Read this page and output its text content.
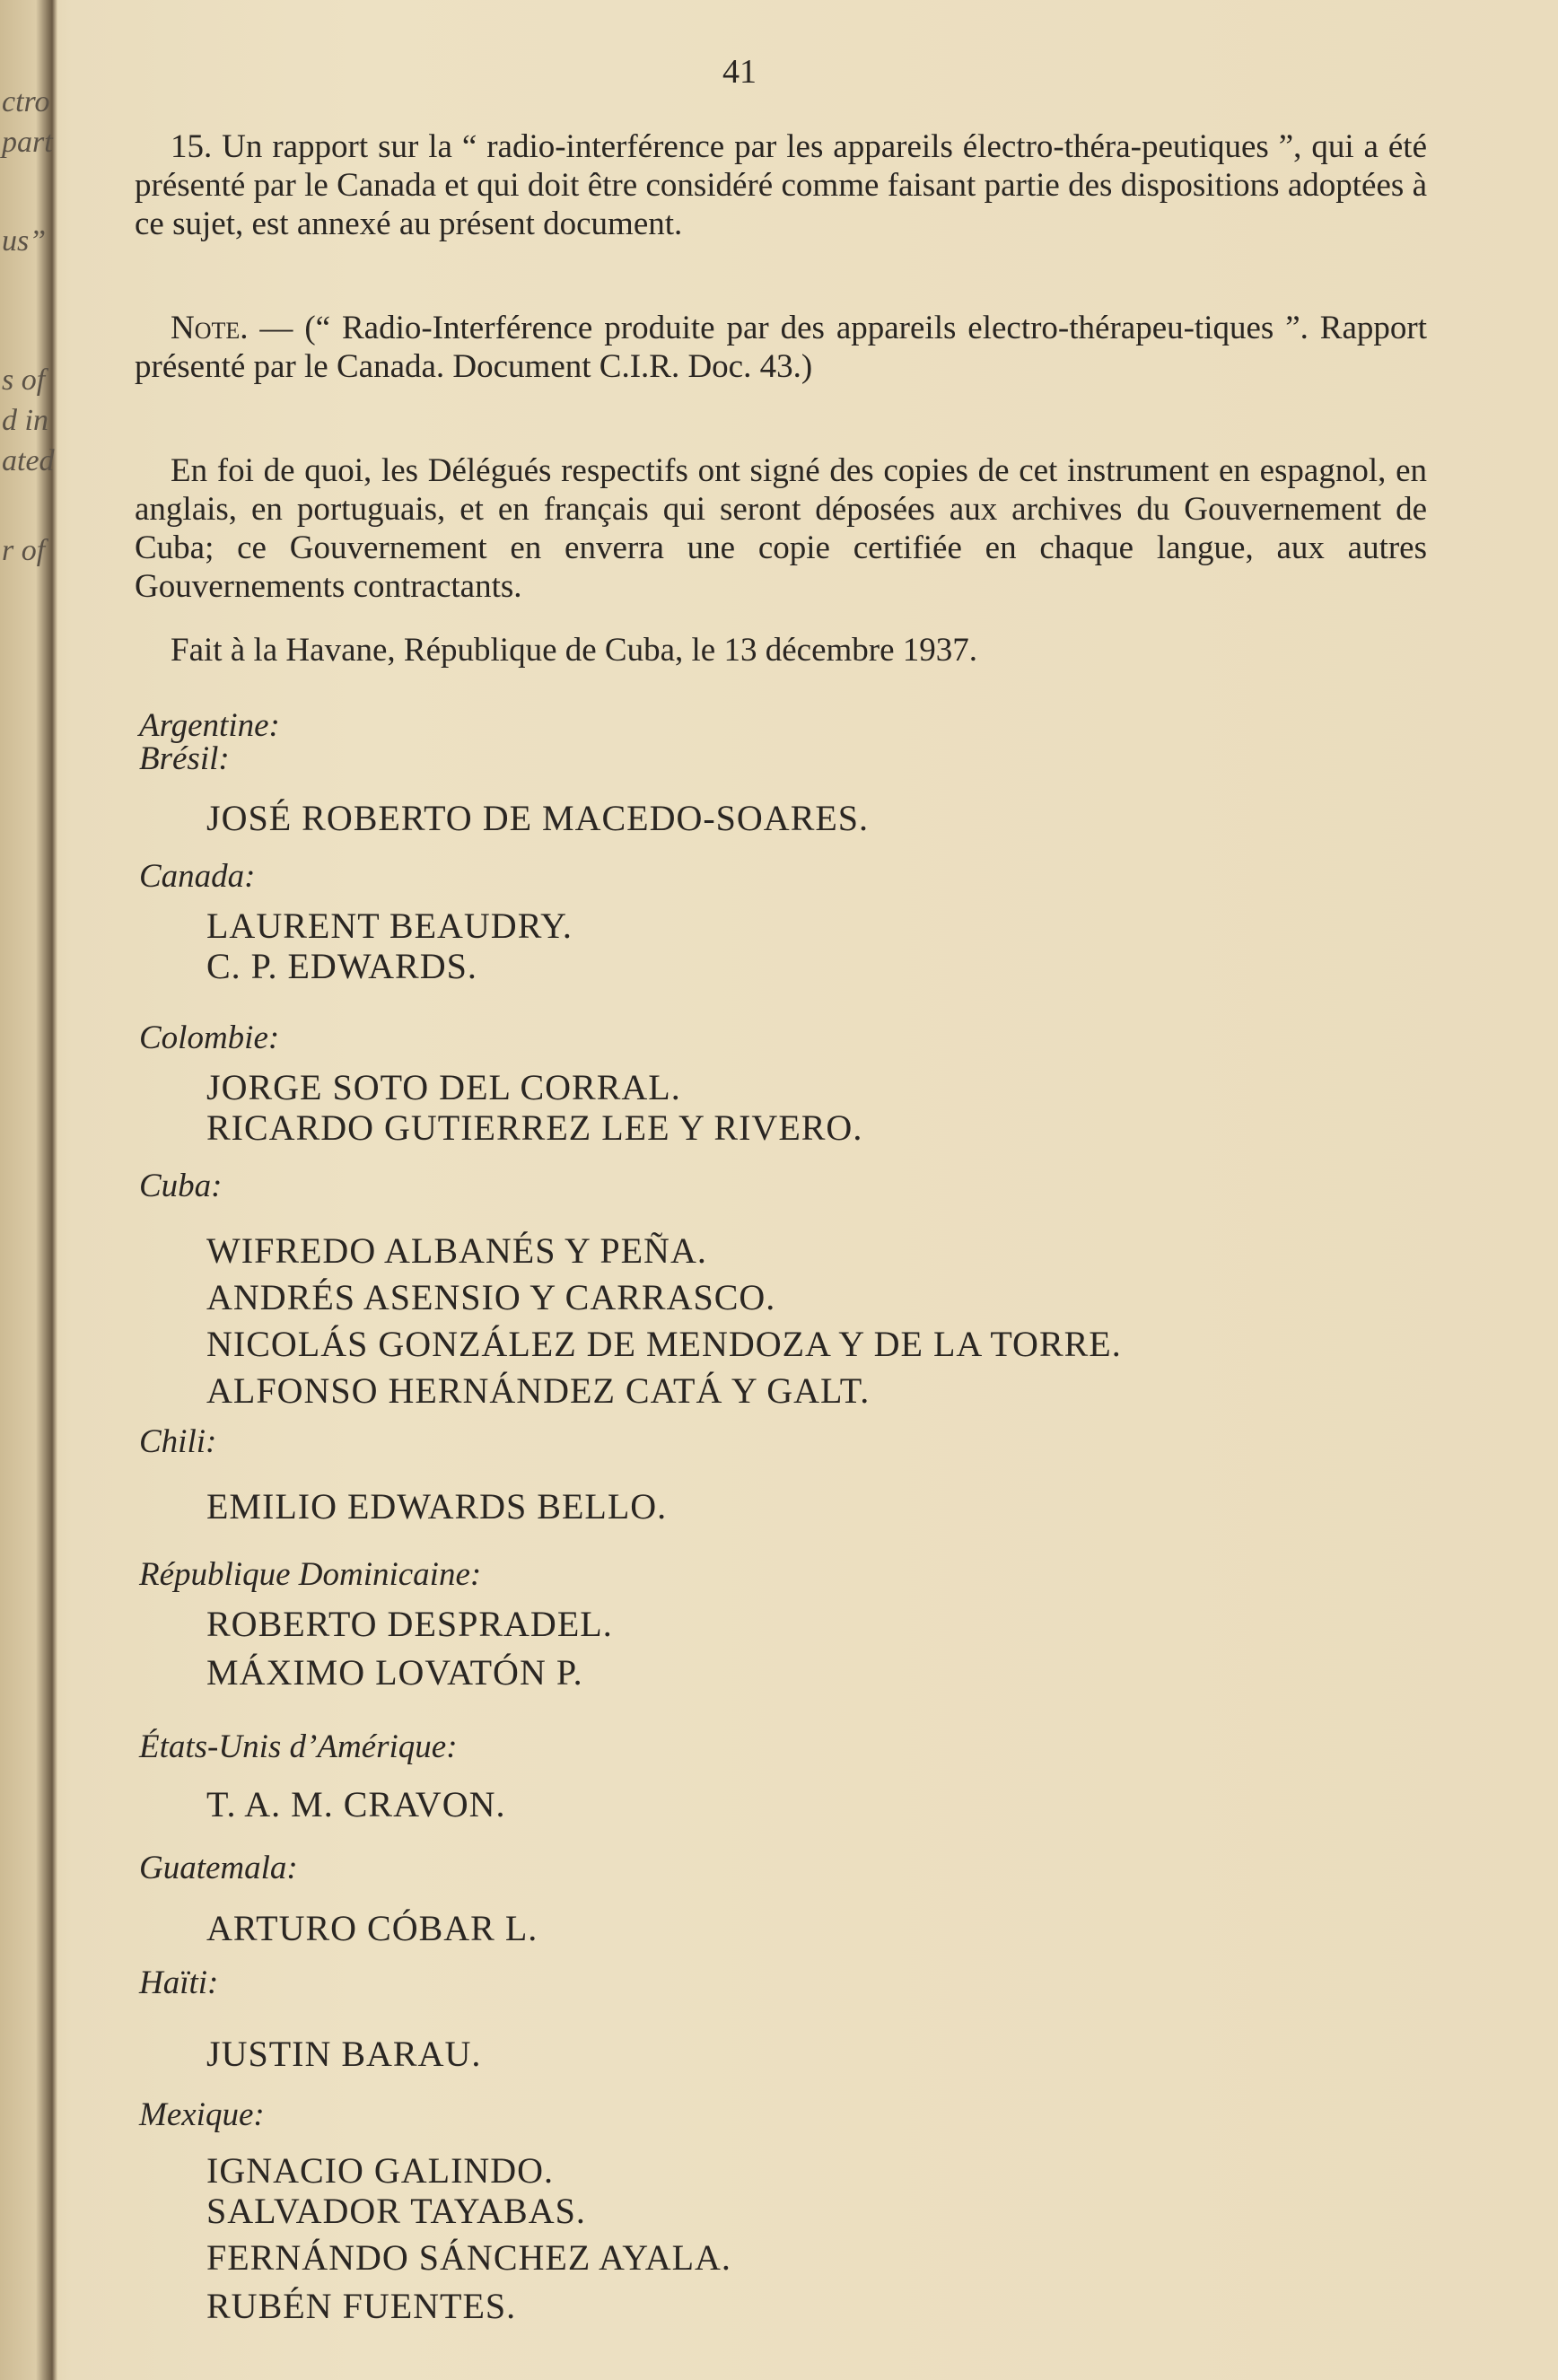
ctro
part
us”
s of
d in
ated
r of
41

15. Un rapport sur la “ radio-interférence par les appareils électro-théra-peutiques ”, qui a été présenté par le Canada et qui doit être considéré comme faisant partie des dispositions adoptées à ce sujet, est annexé au présent document.

Note. — (“ Radio-Interférence produite par des appareils electro-thérapeu-tiques ”. Rapport présenté par le Canada. Document C.I.R. Doc. 43.)

En foi de quoi, les Délégués respectifs ont signé des copies de cet instrument en espagnol, en anglais, en portuguais, et en français qui seront déposées aux archives du Gouvernement de Cuba; ce Gouvernement en enverra une copie certifiée en chaque langue, aux autres Gouvernements contractants.

Fait à la Havane, République de Cuba, le 13 décembre 1937.

Argentine:
Brésil:
JOSÉ ROBERTO DE MACEDO-SOARES.
Canada:
LAURENT BEAUDRY.
C. P. EDWARDS.
Colombie:
JORGE SOTO DEL CORRAL.
RICARDO GUTIERREZ LEE Y RIVERO.
Cuba:
WIFREDO ALBANÉS Y PEÑA.
ANDRÉS ASENSIO Y CARRASCO.
NICOLÁS GONZÁLEZ DE MENDOZA Y DE LA TORRE.
ALFONSO HERNÁNDEZ CATÁ Y GALT.
Chili:
EMILIO EDWARDS BELLO.
République Dominicaine:
ROBERTO DESPRADEL.
MÁXIMO LOVATÓN P.
États-Unis d’Amérique:
T. A. M. CRAVON.
Guatemala:
ARTURO CÓBAR L.
Haïti:
JUSTIN BARAU.
Mexique:
IGNACIO GALINDO.
SALVADOR TAYABAS.
FERNÁNDO SÁNCHEZ AYALA.
RUBÉN FUENTES.
